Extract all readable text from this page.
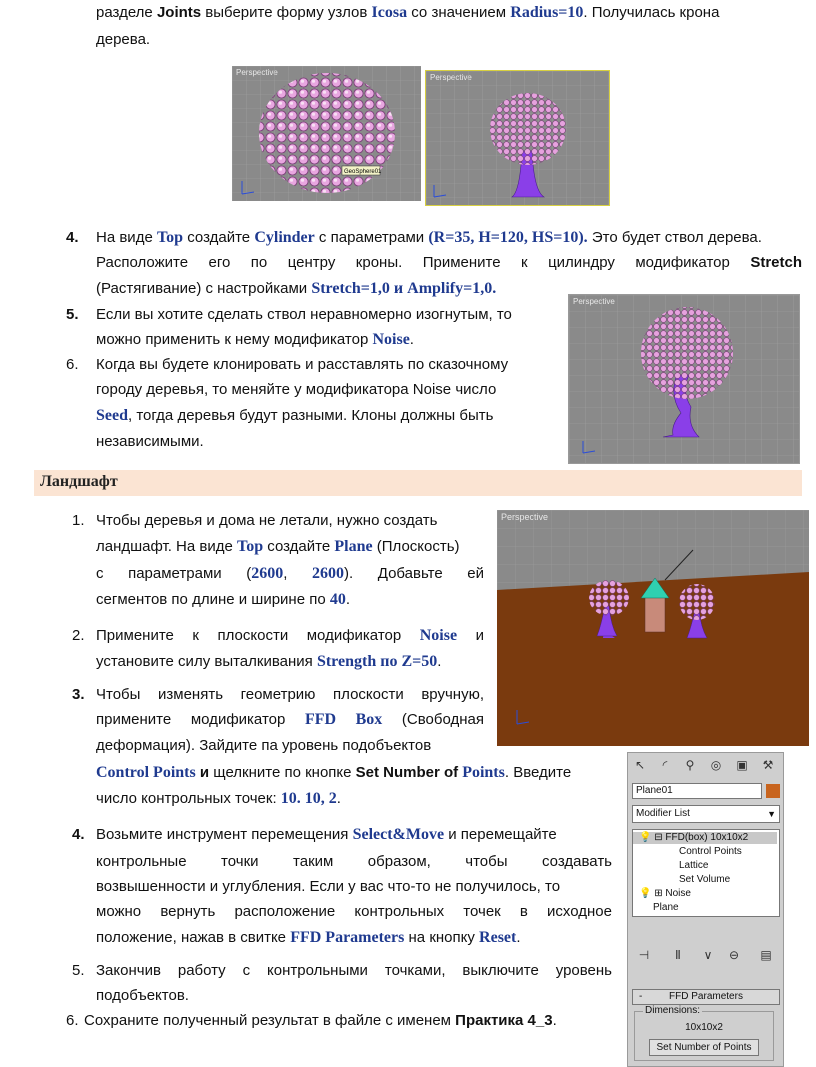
разделе Joints выберите форму узлов Icosa со значением Radius=10. Получилась крона
дерева.
GeoSphere01
4. На виде Top создайте Cylinder с параметрами (R=35, H=120, HS=10). Это будет ствол дерева.
Расположите его по центру кроны. Примените к цилиндру модификатор Stretch
(Растягивание) с настройками Stretch=1,0 и Amplify=1,0.
5. Если вы хотите сделать ствол неравномерно изогнутым, то
можно применить к нему модификатор Noise.
6. Когда вы будете клонировать и расставлять по сказочному
городу деревья, то меняйте у модификатора Noise число
Seed, тогда деревья будут разными. Клоны должны быть
независимыми.
Ландшафт
1. Чтобы деревья и дома не летали, нужно создать
ландшафт. На виде Top создайте Plane (Плоскость)
с параметрами (2600, 2600). Добавьте ей
сегментов по длине и ширине по 40.
2. Примените к плоскости модификатор Noise и
установите силу выталкивания Strength по Z=50.
3. Чтобы изменять геометрию плоскости вручную,
примените модификатор FFD Box (Свободная
деформация). Зайдите па уровень подобъектов
Control Points и щелкните по кнопке Set Number of Points. Введите
число контрольных точек: 10. 10, 2.
4. Возьмите инструмент перемещения Select&Move и перемещайте
контрольные точки таким образом, чтобы создавать
возвышенности и углубления. Если у вас что-то не получилось, то
можно вернуть расположение контрольных точек в исходное
положение, нажав в свитке FFD Parameters на кнопку Reset.
5. Закончив работу с контрольными точками, выключите уровень
подобъектов.
6. Сохраните полученный результат в файле с именем Практика 4_3.
↖	◜	⚲	◎	▣	⚒
Plane01
Modifier List	▼
💡 ⊟ FFD(box) 10x10x2
Control Points
Lattice
Set Volume
💡 ⊞ Noise
Plane
⊣	Ⅱ	∨	⊖	▤
-	FFD Parameters
Dimensions:
10x10x2
Set Number of Points
